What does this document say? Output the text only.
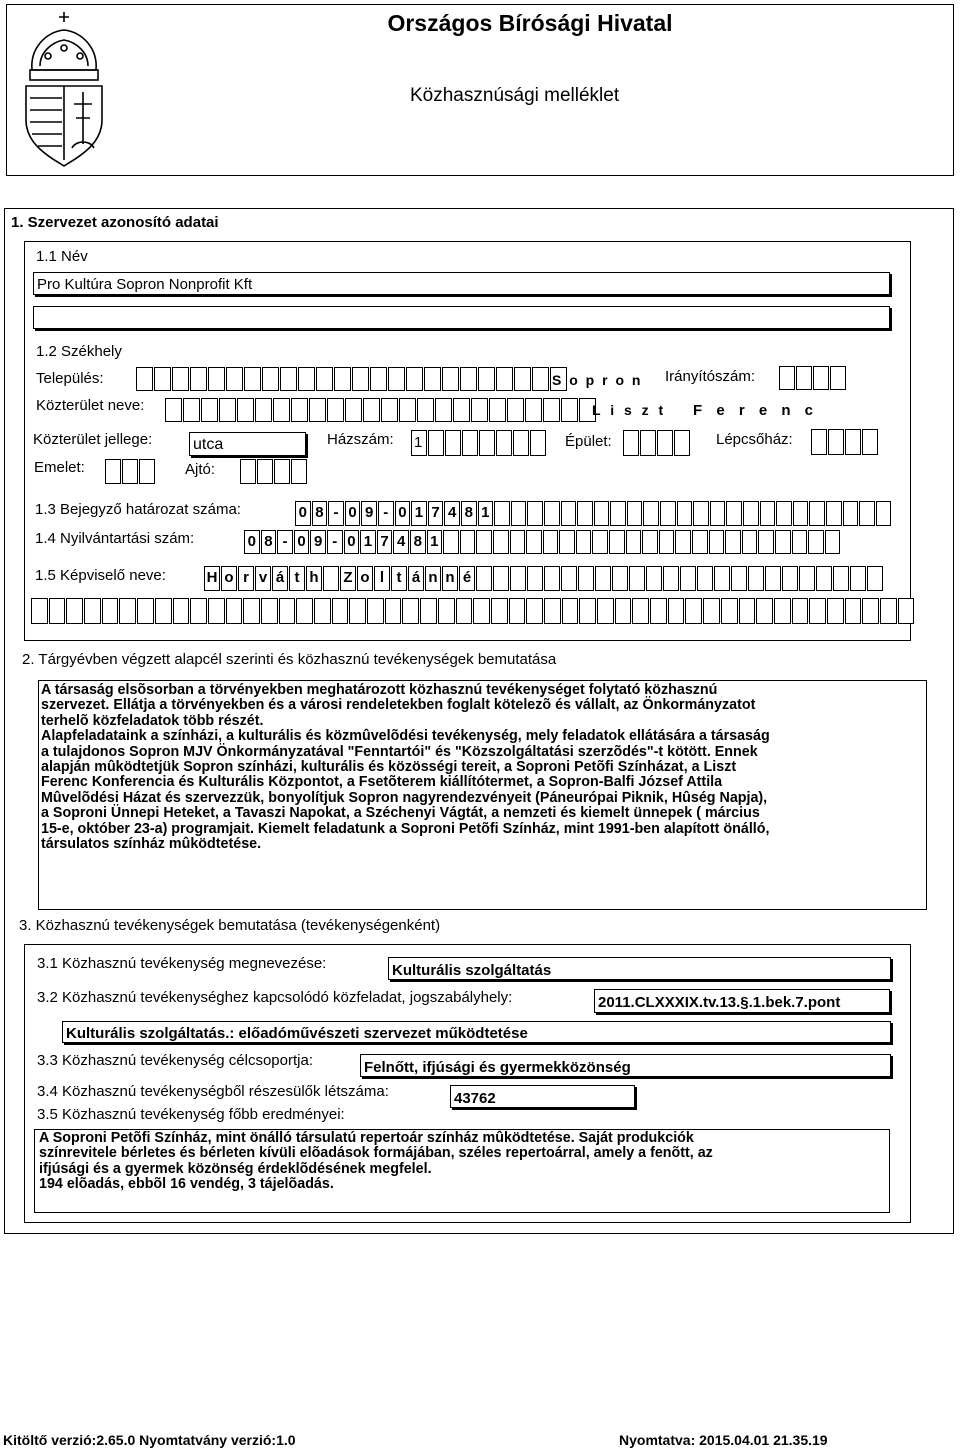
Országos Bírósági Hivatal
Közhasznúsági melléklet
1. Szervezet azonosító adatai
1.1 Név
Pro Kultúra Sopron Nonprofit Kft
1.2 Székhely
Település:	S o p r o n Irányítószám:
Közterület neve:	L i s z t F e r e n c
Közterület jellege:	utca	Házszám: 1	Épület:	Lépcsőház:
Emelet:	Ajtó:
1.3 Bejegyző határozat száma:	0 8 - 0 9 - 0 1 7 4 8 1
1.4 Nyilvántartási szám:	0 8 - 0 9 - 0 1 7 4 8 1
1.5 Képviselő neve:	H o r v á t h Z o l t á n n é
2. Tárgyévben végzett alapcél szerinti és közhasznú tevékenységek bemutatása
A társaság elsõsorban a törvényekben meghatározott közhasznú tevékenységet folytató közhasznú
szervezet. Ellátja a törvényekben és a városi rendeletekben foglalt kötelezõ és vállalt, az Önkormányzatot
terhelõ közfeladatok több részét.
Alapfeladataink a színházi, a kulturális és közmûvelõdési tevékenység, mely feladatok ellátására a társaság
a tulajdonos Sopron MJV Önkormányzatával "Fenntartói" és "Közszolgáltatási szerzõdés"-t kötött. Ennek
alapján mûködtetjük Sopron színházi, kulturális és közösségi tereit, a Soproni Petõfi Színházat, a Liszt
Ferenc Konferencia és Kulturális Központot, a Fsetõterem kiállítótermet, a Sopron-Balfi József Attila
Mûvelõdési Házat és szervezzük, bonyolítjuk Sopron nagyrendezvényeit (Páneurópai Piknik, Hûség Napja),
a Soproni Ünnepi Heteket, a Tavaszi Napokat, a Széchenyi Vágtát, a nemzeti és kiemelt ünnepek ( március
15-e, október 23-a) programjait. Kiemelt feladatunk a Soproni Petõfi Színház, mint 1991-ben alapított önálló,
társulatos színház mûködtetése.
3. Közhasznú tevékenységek bemutatása (tevékenységenként)
3.1 Közhasznú tevékenység megnevezése:	Kulturális szolgáltatás
3.2 Közhasznú tevékenységhez kapcsolódó közfeladat, jogszabályhely:	2011.CLXXXIX.tv.13.§.1.bek.7.pont
Kulturális szolgáltatás.: előadóművészeti szervezet működtetése
3.3 Közhasznú tevékenység célcsoportja:	Felnőtt, ifjúsági és gyermekközönség
3.4 Közhasznú tevékenységből részesülők létszáma:	43762
3.5 Közhasznú tevékenység főbb eredményei:
A Soproni Petõfi Színház, mint önálló társulatú repertoár színház mûködtetése. Saját produkciók
színrevitele bérletes és bérleten kívüli elõadások formájában, széles repertoárral, amely a fenõtt, az
ifjúsági és a gyermek közönség érdeklõdésének megfelel.
194 elõadás, ebbõl 16 vendég, 3 tájelõadás.
Kitöltő verzió:2.65.0 Nyomtatvány verzió:1.0	Nyomtatva: 2015.04.01 21.35.19
